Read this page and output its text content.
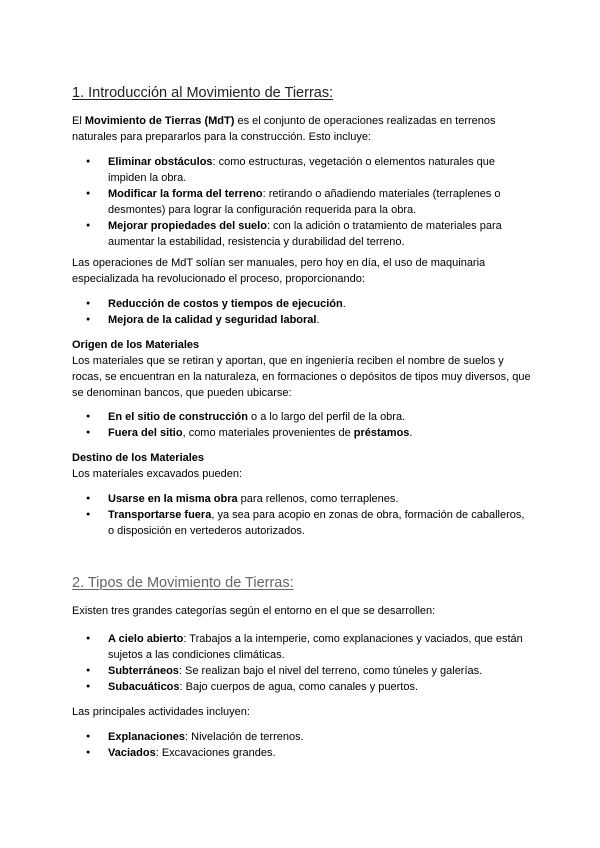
1. Introducción al Movimiento de Tierras:

El Movimiento de Tierras (MdT) es el conjunto de operaciones realizadas en terrenos naturales para prepararlos para la construcción. Esto incluye:

● Eliminar obstáculos: como estructuras, vegetación o elementos naturales que impiden la obra.
● Modificar la forma del terreno: retirando o añadiendo materiales (terraplenes o desmontes) para lograr la configuración requerida para la obra.
● Mejorar propiedades del suelo: con la adición o tratamiento de materiales para aumentar la estabilidad, resistencia y durabilidad del terreno.

Las operaciones de MdT solían ser manuales, pero hoy en día, el uso de maquinaria especializada ha revolucionado el proceso, proporcionando:

● Reducción de costos y tiempos de ejecución.
● Mejora de la calidad y seguridad laboral.

Origen de los Materiales

Los materiales que se retiran y aportan, que en ingeniería reciben el nombre de suelos y rocas, se encuentran en la naturaleza, en formaciones o depósitos de tipos muy diversos, que se denominan bancos, que pueden ubicarse:

● En el sitio de construcción o a lo largo del perfil de la obra.
● Fuera del sitio, como materiales provenientes de préstamos.

Destino de los Materiales

Los materiales excavados pueden:

● Usarse en la misma obra para rellenos, como terraplenes.
● Transportarse fuera, ya sea para acopio en zonas de obra, formación de caballeros, o disposición en vertederos autorizados.
2. Tipos de Movimiento de Tierras:

Existen tres grandes categorías según el entorno en el que se desarrollen:

● A cielo abierto: Trabajos a la intemperie, como explanaciones y vaciados, que están sujetos a las condiciones climáticas.
● Subterráneos: Se realizan bajo el nivel del terreno, como túneles y galerías.
● Subacuáticos: Bajo cuerpos de agua, como canales y puertos.

Las principales actividades incluyen:

● Explanaciones: Nivelación de terrenos.
● Vaciados: Excavaciones grandes.
